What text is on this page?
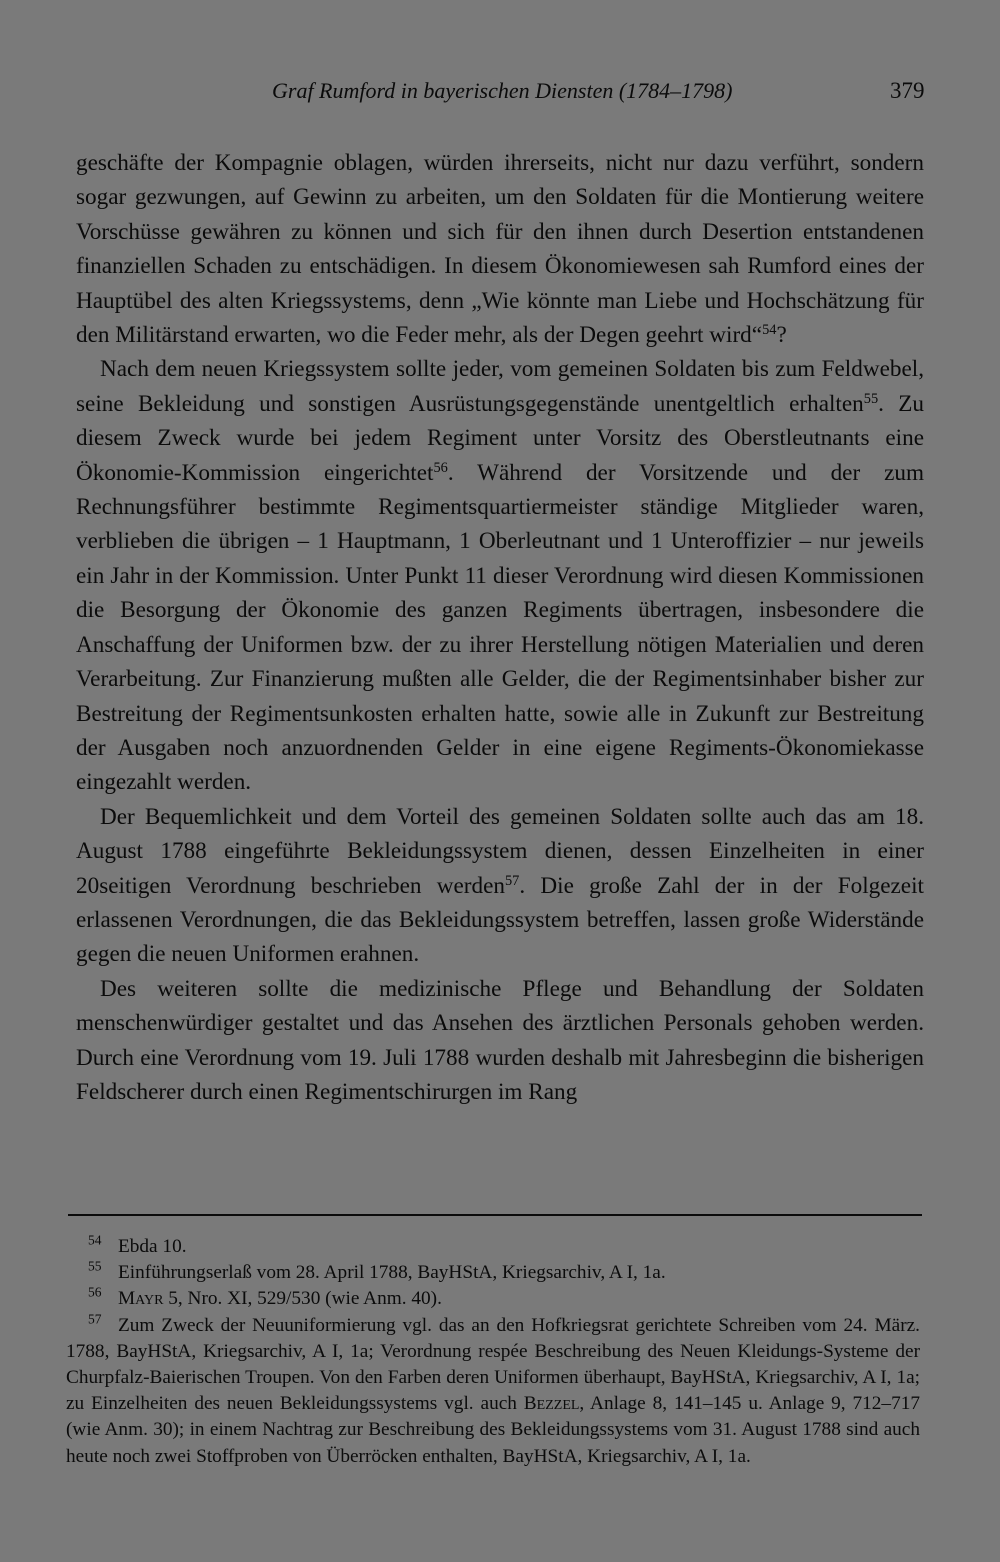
Graf Rumford in bayerischen Diensten (1784–1798)	379

geschäfte der Kompagnie oblagen, würden ihrerseits, nicht nur dazu verführt, sondern sogar gezwungen, auf Gewinn zu arbeiten, um den Soldaten für die Montierung weitere Vorschüsse gewähren zu können und sich für den ihnen durch Desertion entstandenen finanziellen Schaden zu entschädigen. In diesem Ökonomiewesen sah Rumford eines der Hauptübel des alten Kriegssystems, denn „Wie könnte man Liebe und Hochschätzung für den Militärstand erwarten, wo die Feder mehr, als der Degen geehrt wird“$^{54}$?

Nach dem neuen Kriegssystem sollte jeder, vom gemeinen Soldaten bis zum Feldwebel, seine Bekleidung und sonstigen Ausrüstungsgegenstände unentgeltlich erhalten$^{55}$. Zu diesem Zweck wurde bei jedem Regiment unter Vorsitz des Oberstleutnants eine Ökonomie-Kommission eingerichtet$^{56}$. Während der Vorsitzende und der zum Rechnungsführer bestimmte Regimentsquartiermeister ständige Mitglieder waren, verblieben die übrigen – 1 Hauptmann, 1 Oberleutnant und 1 Unteroffizier – nur jeweils ein Jahr in der Kommission. Unter Punkt 11 dieser Verordnung wird diesen Kommissionen die Besorgung der Ökonomie des ganzen Regiments übertragen, insbesondere die Anschaffung der Uniformen bzw. der zu ihrer Herstellung nötigen Materialien und deren Verarbeitung. Zur Finanzierung mußten alle Gelder, die der Regimentsinhaber bisher zur Bestreitung der Regimentsunkosten erhalten hatte, sowie alle in Zukunft zur Bestreitung der Ausgaben noch anzuordnenden Gelder in eine eigene Regiments-Ökonomiekasse eingezahlt werden.

Der Bequemlichkeit und dem Vorteil des gemeinen Soldaten sollte auch das am 18. August 1788 eingeführte Bekleidungssystem dienen, dessen Einzelheiten in einer 20seitigen Verordnung beschrieben werden$^{57}$. Die große Zahl der in der Folgezeit erlassenen Verordnungen, die das Bekleidungssystem betreffen, lassen große Widerstände gegen die neuen Uniformen erahnen.

Des weiteren sollte die medizinische Pflege und Behandlung der Soldaten menschenwürdiger gestaltet und das Ansehen des ärztlichen Personals gehoben werden. Durch eine Verordnung vom 19. Juli 1788 wurden deshalb mit Jahresbeginn die bisherigen Feldscherer durch einen Regimentschirurgen im Rang

$^{54}$ Ebda 10.
$^{55}$ Einführungserlaß vom 28. April 1788, BayHStA, Kriegsarchiv, A I, 1a.
$^{56}$ Mayr 5, Nro. XI, 529/530 (wie Anm. 40).
$^{57}$ Zum Zweck der Neuuniformierung vgl. das an den Hofkriegsrat gerichtete Schreiben vom 24. März. 1788, BayHStA, Kriegsarchiv, A I, 1a; Verordnung respée Beschreibung des Neuen Kleidungs-Systeme der Churpfalz-Baierischen Troupen. Von den Farben deren Uniformen überhaupt, BayHStA, Kriegsarchiv, A I, 1a; zu Einzelheiten des neuen Bekleidungssystems vgl. auch Bezzel, Anlage 8, 141–145 u. Anlage 9, 712–717 (wie Anm. 30); in einem Nachtrag zur Beschreibung des Bekleidungssystems vom 31. August 1788 sind auch heute noch zwei Stoffproben von Überröcken enthalten, BayHStA, Kriegsarchiv, A I, 1a.
